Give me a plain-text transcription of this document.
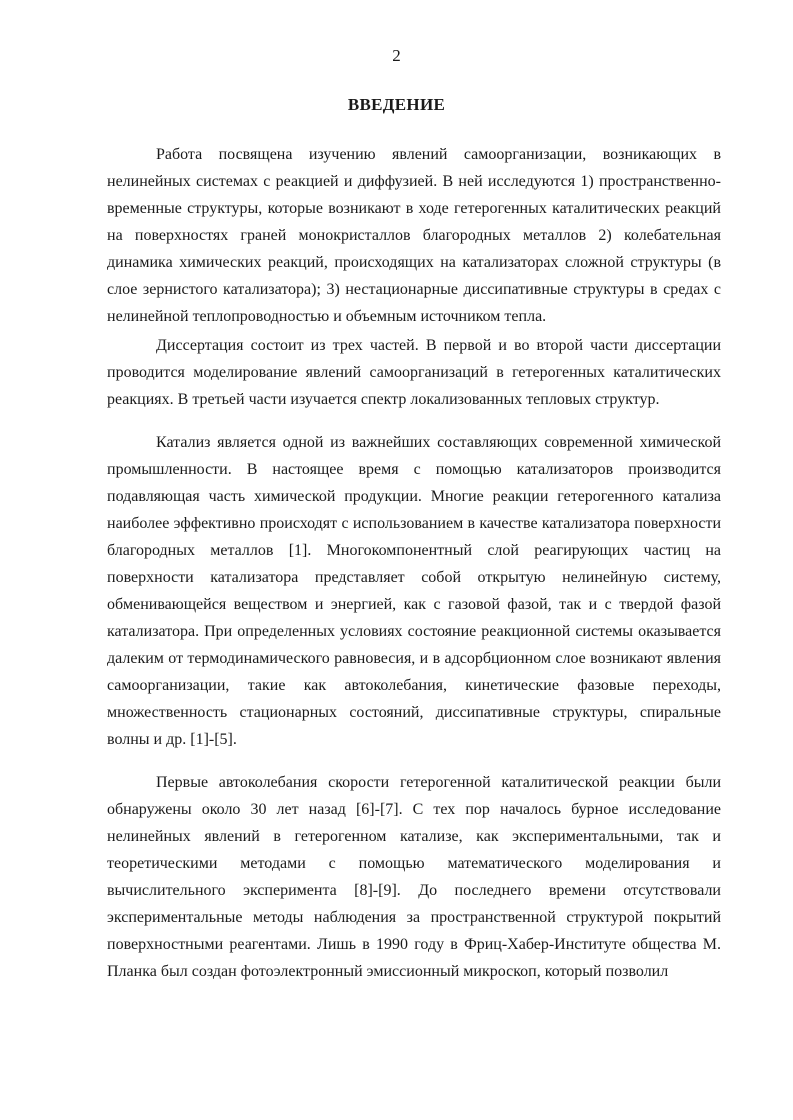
2
ВВЕДЕНИЕ

Работа посвящена изучению явлений самоорганизации, возникающих в нелинейных системах с реакцией и диффузией. В ней исследуются 1) пространственно-временные структуры, которые возникают в ходе гетерогенных каталитических реакций на поверхностях граней монокристаллов благородных металлов 2) колебательная динамика химических реакций, происходящих на катализаторах сложной структуры (в слое зернистого катализатора); 3) нестационарные диссипативные структуры в средах с нелинейной теплопроводностью и объемным источником тепла.

Диссертация состоит из трех частей. В первой и во второй части диссертации проводится моделирование явлений самоорганизаций в гетерогенных каталитических реакциях. В третьей части изучается спектр локализованных тепловых структур.

Катализ является одной из важнейших составляющих современной химической промышленности. В настоящее время с помощью катализаторов производится подавляющая часть химической продукции. Многие реакции гетерогенного катализа наиболее эффективно происходят с использованием в качестве катализатора поверхности благородных металлов [1]. Многокомпонентный слой реагирующих частиц на поверхности катализатора представляет собой открытую нелинейную систему, обменивающейся веществом и энергией, как с газовой фазой, так и с твердой фазой катализатора. При определенных условиях состояние реакционной системы оказывается далеким от термодинамического равновесия, и в адсорбционном слое возникают явления самоорганизации, такие как автоколебания, кинетические фазовые переходы, множественность стационарных состояний, диссипативные структуры, спиральные волны и др. [1]-[5].

Первые автоколебания скорости гетерогенной каталитической реакции были обнаружены около 30 лет назад [6]-[7]. С тех пор началось бурное исследование нелинейных явлений в гетерогенном катализе, как экспериментальными, так и теоретическими методами с помощью математического моделирования и вычислительного эксперимента [8]-[9]. До последнего времени отсутствовали экспериментальные методы наблюдения за пространственной структурой покрытий поверхностными реагентами. Лишь в 1990 году в Фриц-Хабер-Институте общества М. Планка был создан фотоэлектронный эмиссионный микроскоп, который позволил
